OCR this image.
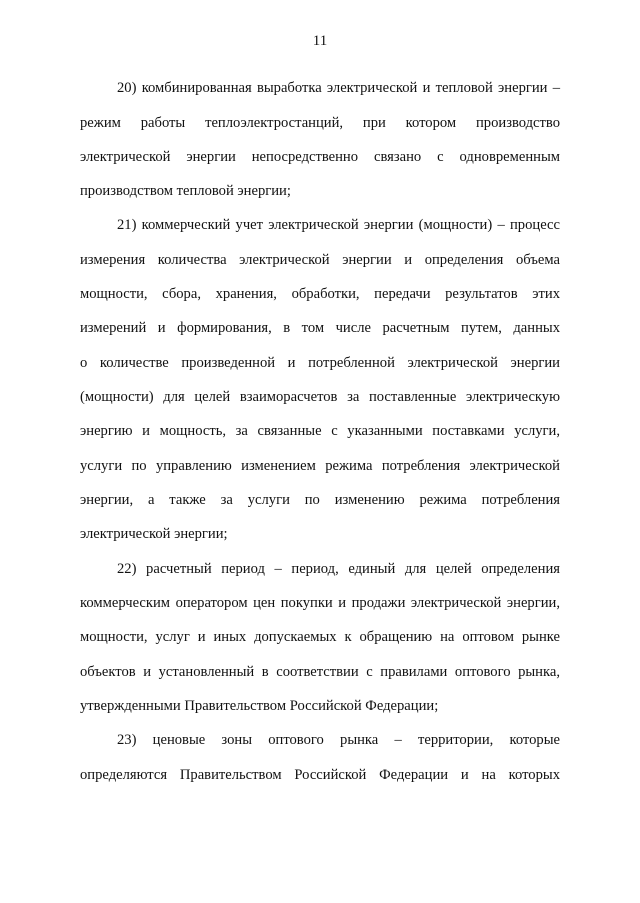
11
20) комбинированная выработка электрической и тепловой энергии –
режим работы теплоэлектростанций, при котором производство
электрической энергии непосредственно связано с одновременным
производством тепловой энергии;
21) коммерческий учет электрической энергии (мощности) – процесс
измерения количества электрической энергии и определения объема
мощности, сбора, хранения, обработки, передачи результатов этих
измерений и формирования, в том числе расчетным путем, данных
о количестве произведенной и потребленной электрической энергии
(мощности) для целей взаиморасчетов за поставленные электрическую
энергию и мощность, за связанные с указанными поставками услуги,
услуги по управлению изменением режима потребления электрической
энергии, а также за услуги по изменению режима потребления
электрической энергии;
22) расчетный период – период, единый для целей определения
коммерческим оператором цен покупки и продажи электрической энергии,
мощности, услуг и иных допускаемых к обращению на оптовом рынке
объектов и установленный в соответствии с правилами оптового рынка,
утвержденными Правительством Российской Федерации;
23) ценовые зоны оптового рынка – территории, которые
определяются Правительством Российской Федерации и на которых
